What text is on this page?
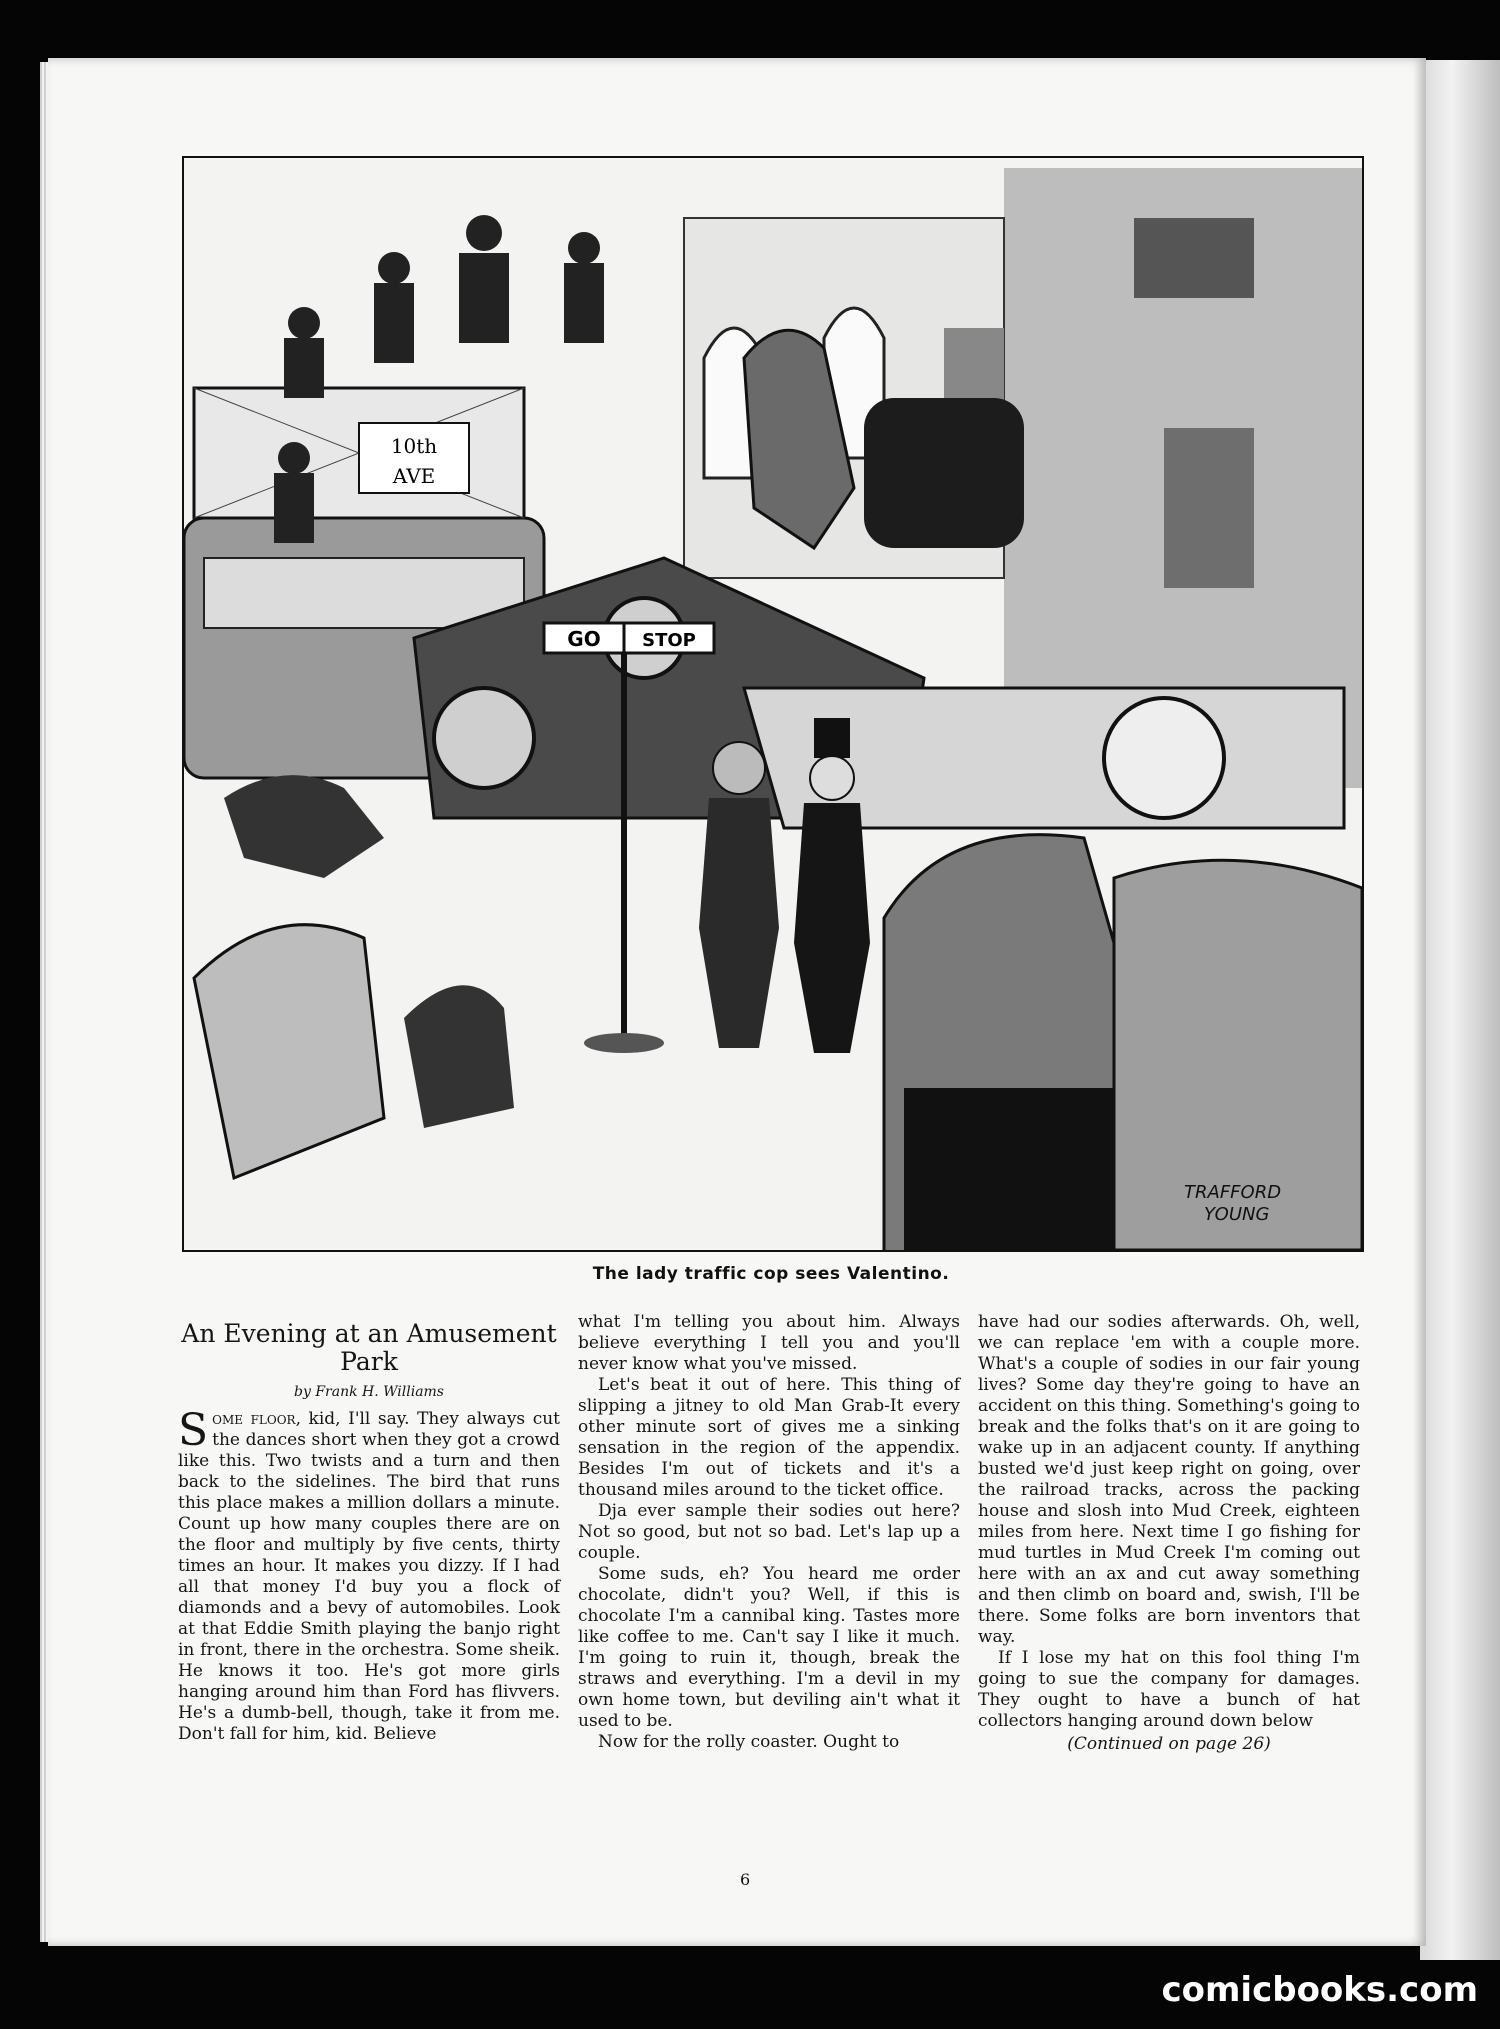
10th
AVE
GO STOP
TRAFFORD
YOUNG
The lady traffic cop sees Valentino.
An Evening at an Amusement Park
by Frank H. Williams

Some floor, kid, I'll say. They always cut the dances short when they got a crowd like this. Two twists and a turn and then back to the sidelines. The bird that runs this place makes a million dollars a minute. Count up how many couples there are on the floor and multiply by five cents, thirty times an hour. It makes you dizzy. If I had all that money I'd buy you a flock of diamonds and a bevy of automobiles. Look at that Eddie Smith playing the banjo right in front, there in the orchestra. Some sheik. He knows it too. He's got more girls hanging around him than Ford has flivvers. He's a dumb-bell, though, take it from me. Don't fall for him, kid. Believe

what I'm telling you about him. Always believe everything I tell you and you'll never know what you've missed.

Let's beat it out of here. This thing of slipping a jitney to old Man Grab-It every other minute sort of gives me a sinking sensation in the region of the appendix. Besides I'm out of tickets and it's a thousand miles around to the ticket office.

Dja ever sample their sodies out here? Not so good, but not so bad. Let's lap up a couple.

Some suds, eh? You heard me order chocolate, didn't you? Well, if this is chocolate I'm a cannibal king. Tastes more like coffee to me. Can't say I like it much. I'm going to ruin it, though, break the straws and everything. I'm a devil in my own home town, but deviling ain't what it used to be.

Now for the rolly coaster. Ought to

have had our sodies afterwards. Oh, well, we can replace 'em with a couple more. What's a couple of sodies in our fair young lives? Some day they're going to have an accident on this thing. Something's going to break and the folks that's on it are going to wake up in an adjacent county. If anything busted we'd just keep right on going, over the railroad tracks, across the packing house and slosh into Mud Creek, eighteen miles from here. Next time I go fishing for mud turtles in Mud Creek I'm coming out here with an ax and cut away something and then climb on board and, swish, I'll be there. Some folks are born inventors that way.

If I lose my hat on this fool thing I'm going to sue the company for damages. They ought to have a bunch of hat collectors hanging around down below

(Continued on page 26)
6
comicbooks.com
